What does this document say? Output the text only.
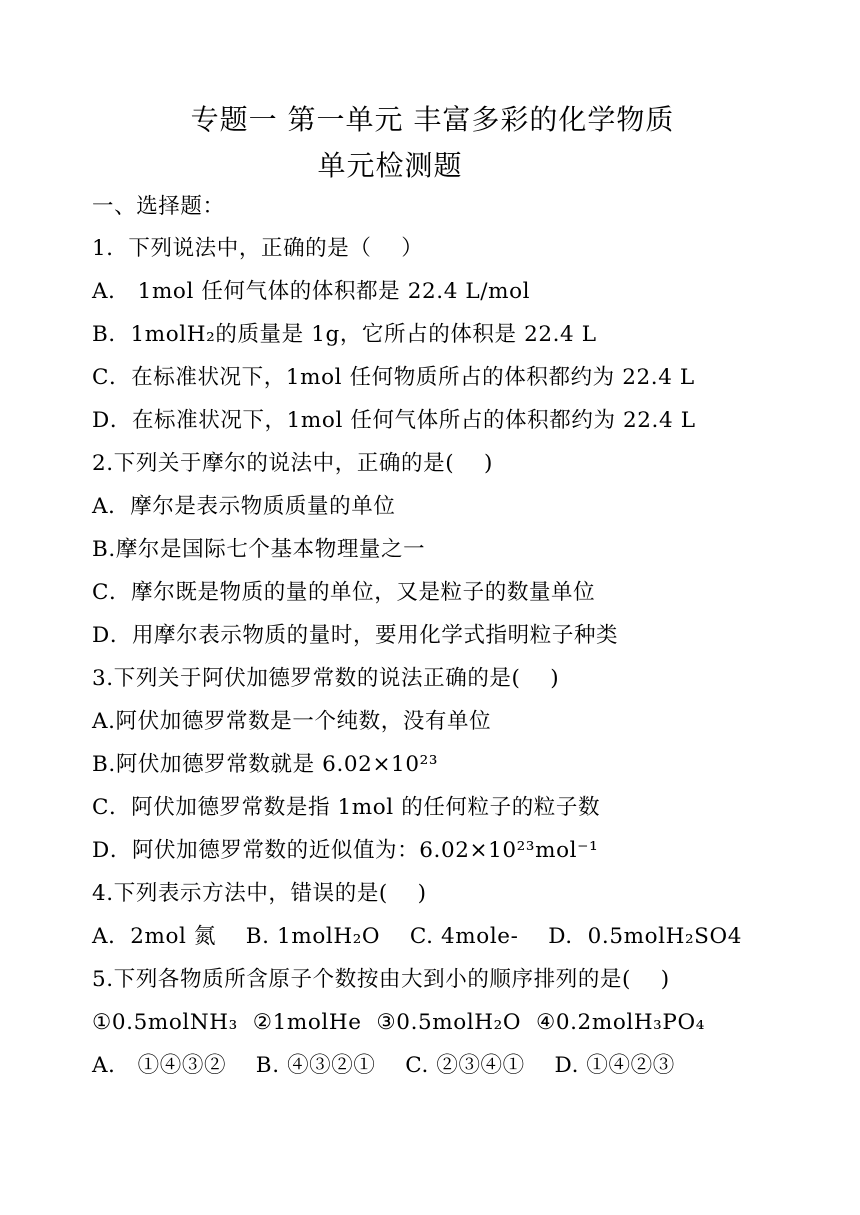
专题一 第一单元 丰富多彩的化学物质
单元检测题
一、选择题：
1．下列说法中，正确的是（    ）
A． 1mol 任何气体的体积都是 22.4 L/mol
B．1molH₂的质量是 1g，它所占的体积是 22.4 L
C．在标准状况下，1mol 任何物质所占的体积都约为 22.4 L
D．在标准状况下，1mol 任何气体所占的体积都约为 22.4 L
2.下列关于摩尔的说法中，正确的是(    )
A．摩尔是表示物质质量的单位
B.摩尔是国际七个基本物理量之一
C．摩尔既是物质的量的单位，又是粒子的数量单位
D．用摩尔表示物质的量时，要用化学式指明粒子种类
3.下列关于阿伏加德罗常数的说法正确的是(    )
A.阿伏加德罗常数是一个纯数，没有单位
B.阿伏加德罗常数就是 6.02×10²³
C．阿伏加德罗常数是指 1mol 的任何粒子的粒子数
D．阿伏加德罗常数的近似值为：6.02×10²³mol⁻¹
4.下列表示方法中，错误的是(    )
A．2mol 氮    B. 1molH₂O    C. 4mole-    D.  0.5molH₂SO4
5.下列各物质所含原子个数按由大到小的顺序排列的是(    )
①0.5molNH₃  ②1molHe  ③0.5molH₂O  ④0.2molH₃PO₄
A． ①④③②    B. ④③②①    C. ②③④①    D. ①④②③
